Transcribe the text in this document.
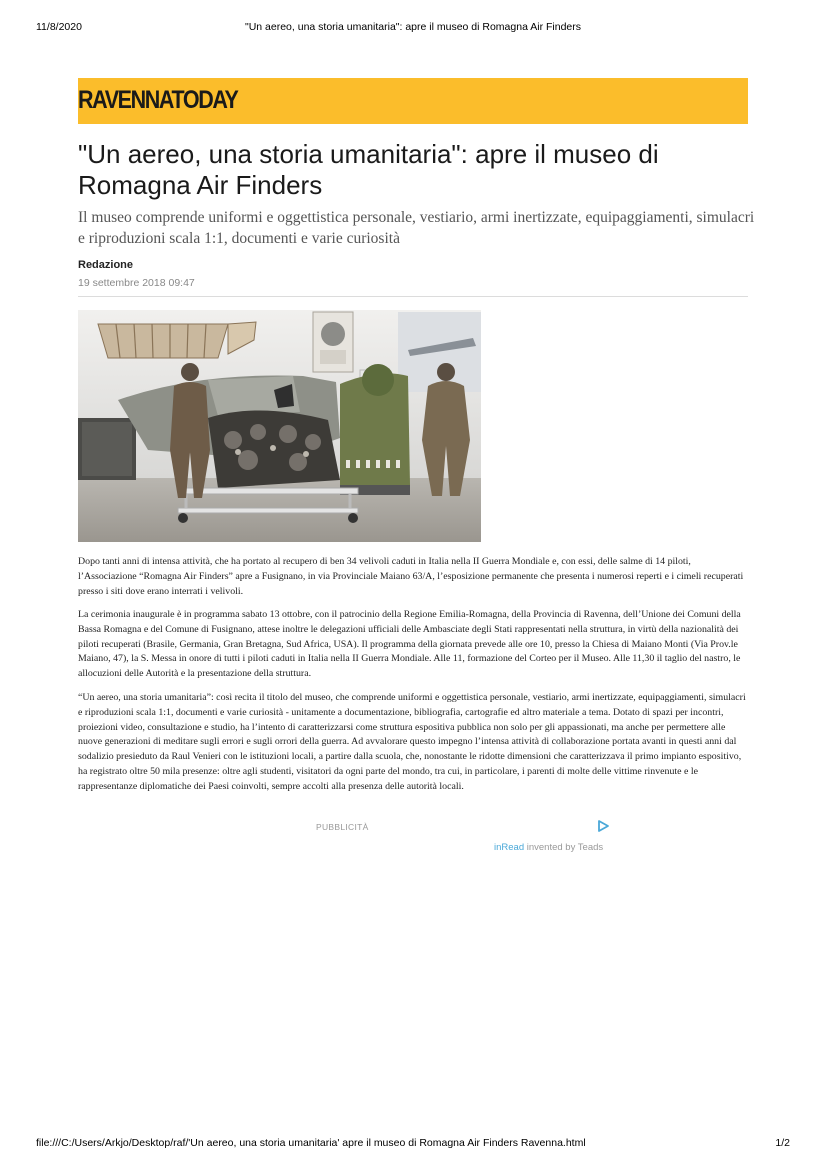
11/8/2020	"Un aereo, una storia umanitaria": apre il museo di Romagna Air Finders
RAVENNATODAY
"Un aereo, una storia umanitaria": apre il museo di Romagna Air Finders

Il museo comprende uniformi e oggettistica personale, vestiario, armi inertizzate, equipaggiamenti, simulacri e riproduzioni scala 1:1, documenti e varie curiosità

Redazione
19 settembre 2018 09:47

Dopo tanti anni di intensa attività, che ha portato al recupero di ben 34 velivoli caduti in Italia nella II Guerra Mondiale e, con essi, delle salme di 14 piloti, l’Associazione “Romagna Air Finders” apre a Fusignano, in via Provinciale Maiano 63/A, l’esposizione permanente che presenta i numerosi reperti e i cimeli recuperati presso i siti dove erano interrati i velivoli.

La cerimonia inaugurale è in programma sabato 13 ottobre, con il patrocinio della Regione Emilia-Romagna, della Provincia di Ravenna, dell’Unione dei Comuni della Bassa Romagna e del Comune di Fusignano, attese inoltre le delegazioni ufficiali delle Ambasciate degli Stati rappresentati nella struttura, in virtù della nazionalità dei piloti recuperati (Brasile, Germania, Gran Bretagna, Sud Africa, USA). Il programma della giornata prevede alle ore 10, presso la Chiesa di Maiano Monti (Via Prov.le Maiano, 47), la S. Messa in onore di tutti i piloti caduti in Italia nella II Guerra Mondiale. Alle 11, formazione del Corteo per il Museo. Alle 11,30 il taglio del nastro, le allocuzioni delle Autorità e la presentazione della struttura.

“Un aereo, una storia umanitaria”: così recita il titolo del museo, che comprende uniformi e oggettistica personale, vestiario, armi inertizzate, equipaggiamenti, simulacri e riproduzioni scala 1:1, documenti e varie curiosità - unitamente a documentazione, bibliografia, cartografie ed altro materiale a tema. Dotato di spazi per incontri, proiezioni video, consultazione e studio, ha l’intento di caratterizzarsi come struttura espositiva pubblica non solo per gli appassionati, ma anche per permettere alle nuove generazioni di meditare sugli errori e sugli orrori della guerra. Ad avvalorare questo impegno l’intensa attività di collaborazione portata avanti in questi anni dal sodalizio presieduto da Raul Venieri con le istituzioni locali, a partire dalla scuola, che, nonostante le ridotte dimensioni che caratterizzava il primo impianto espositivo, ha registrato oltre 50 mila presenze: oltre agli studenti, visitatori da ogni parte del mondo, tra cui, in particolare, i parenti di molte delle vittime rinvenute e le rappresentanze diplomatiche dei Paesi coinvolti, sempre accolti alla presenza delle autorità locali.

PUBBLICITÀ
inRead invented by Teads
file:///C:/Users/Arkjo/Desktop/raf/'Un aereo, una storia umanitaria' apre il museo di Romagna Air Finders Ravenna.html	1/2
